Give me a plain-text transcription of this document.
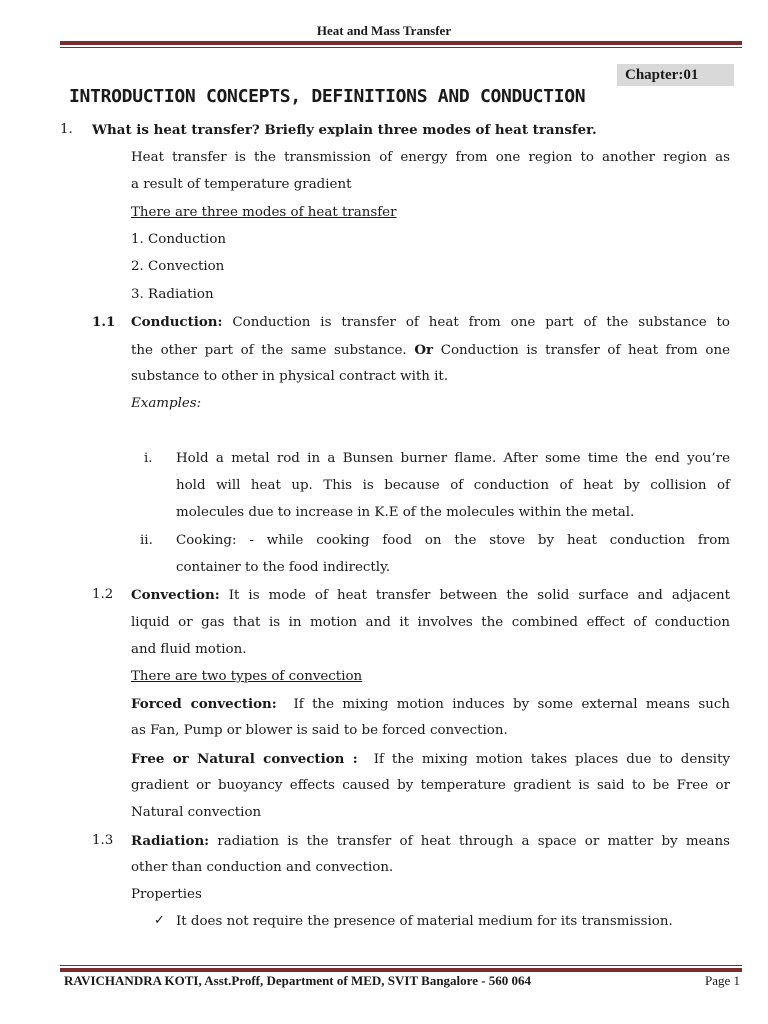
Heat and Mass Transfer
Chapter:01
INTRODUCTION CONCEPTS, DEFINITIONS AND CONDUCTION
1. What is heat transfer? Briefly explain three modes of heat transfer.
Heat transfer is the transmission of energy from one region to another region as
a result of temperature gradient
There are three modes of heat transfer
1. Conduction
2. Convection
3. Radiation
1.1 Conduction: Conduction is transfer of heat from one part of the substance to
the other part of the same substance. Or Conduction is transfer of heat from one
substance to other in physical contract with it.
Examples:
i. Hold a metal rod in a Bunsen burner flame. After some time the end you’re
hold will heat up. This is because of conduction of heat by collision of
molecules due to increase in K.E of the molecules within the metal.
ii. Cooking: - while cooking food on the stove by heat conduction from
container to the food indirectly.
1.2 Convection: It is mode of heat transfer between the solid surface and adjacent
liquid or gas that is in motion and it involves the combined effect of conduction
and fluid motion.
There are two types of convection
Forced convection: If the mixing motion induces by some external means such
as Fan, Pump or blower is said to be forced convection.
Free or Natural convection : If the mixing motion takes places due to density
gradient or buoyancy effects caused by temperature gradient is said to be Free or
Natural convection
1.3 Radiation: radiation is the transfer of heat through a space or matter by means
other than conduction and convection.
Properties
✓ It does not require the presence of material medium for its transmission.
RAVICHANDRA KOTI, Asst.Proff, Department of MED, SVIT Bangalore - 560 064	Page 1
